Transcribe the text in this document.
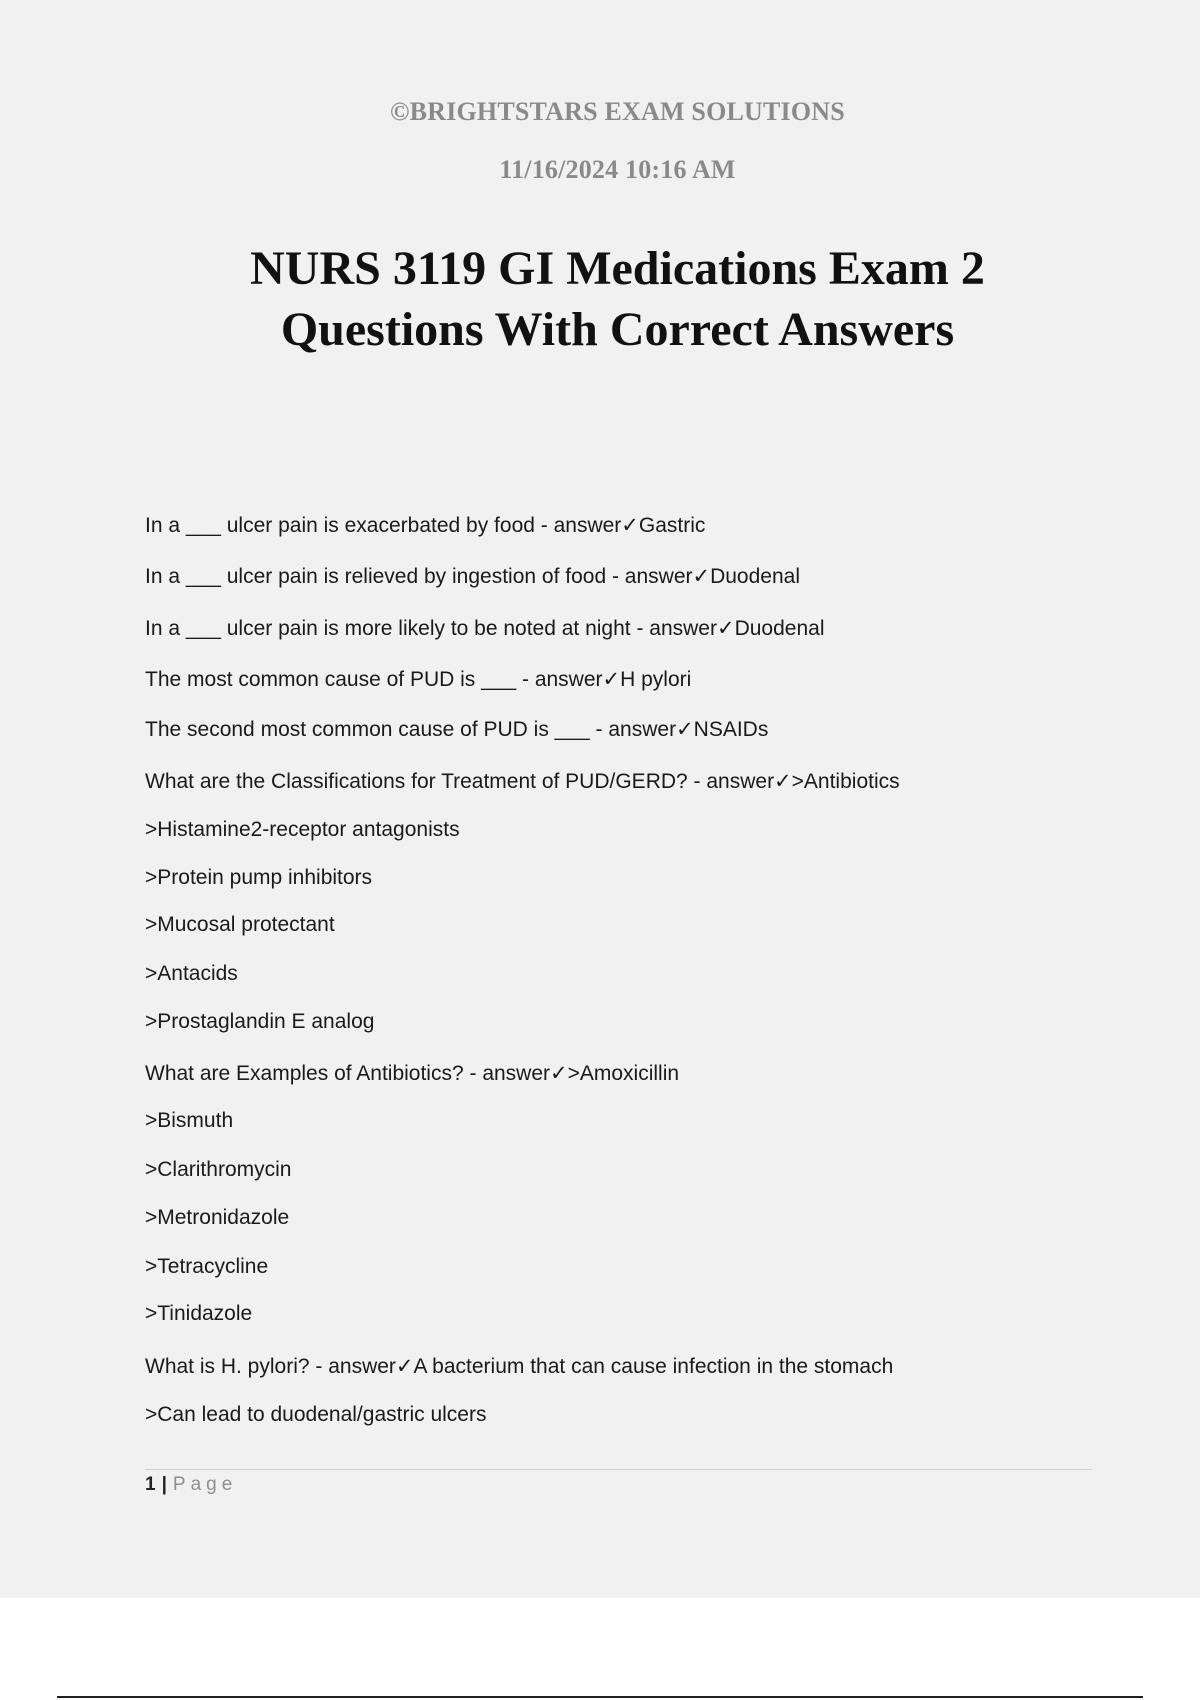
©BRIGHTSTARS EXAM SOLUTIONS
11/16/2024 10:16 AM
NURS 3119 GI Medications Exam 2
Questions With Correct Answers
In a ___ ulcer pain is exacerbated by food - answer✓Gastric
In a ___ ulcer pain is relieved by ingestion of food - answer✓Duodenal
In a ___ ulcer pain is more likely to be noted at night - answer✓Duodenal
The most common cause of PUD is ___ - answer✓H pylori
The second most common cause of PUD is ___ - answer✓NSAIDs
What are the Classifications for Treatment of PUD/GERD? - answer✓>Antibiotics
>Histamine2-receptor antagonists
>Protein pump inhibitors
>Mucosal protectant
>Antacids
>Prostaglandin E analog
What are Examples of Antibiotics? - answer✓>Amoxicillin
>Bismuth
>Clarithromycin
>Metronidazole
>Tetracycline
>Tinidazole
What is H. pylori? - answer✓A bacterium that can cause infection in the stomach
>Can lead to duodenal/gastric ulcers
1 | Page
